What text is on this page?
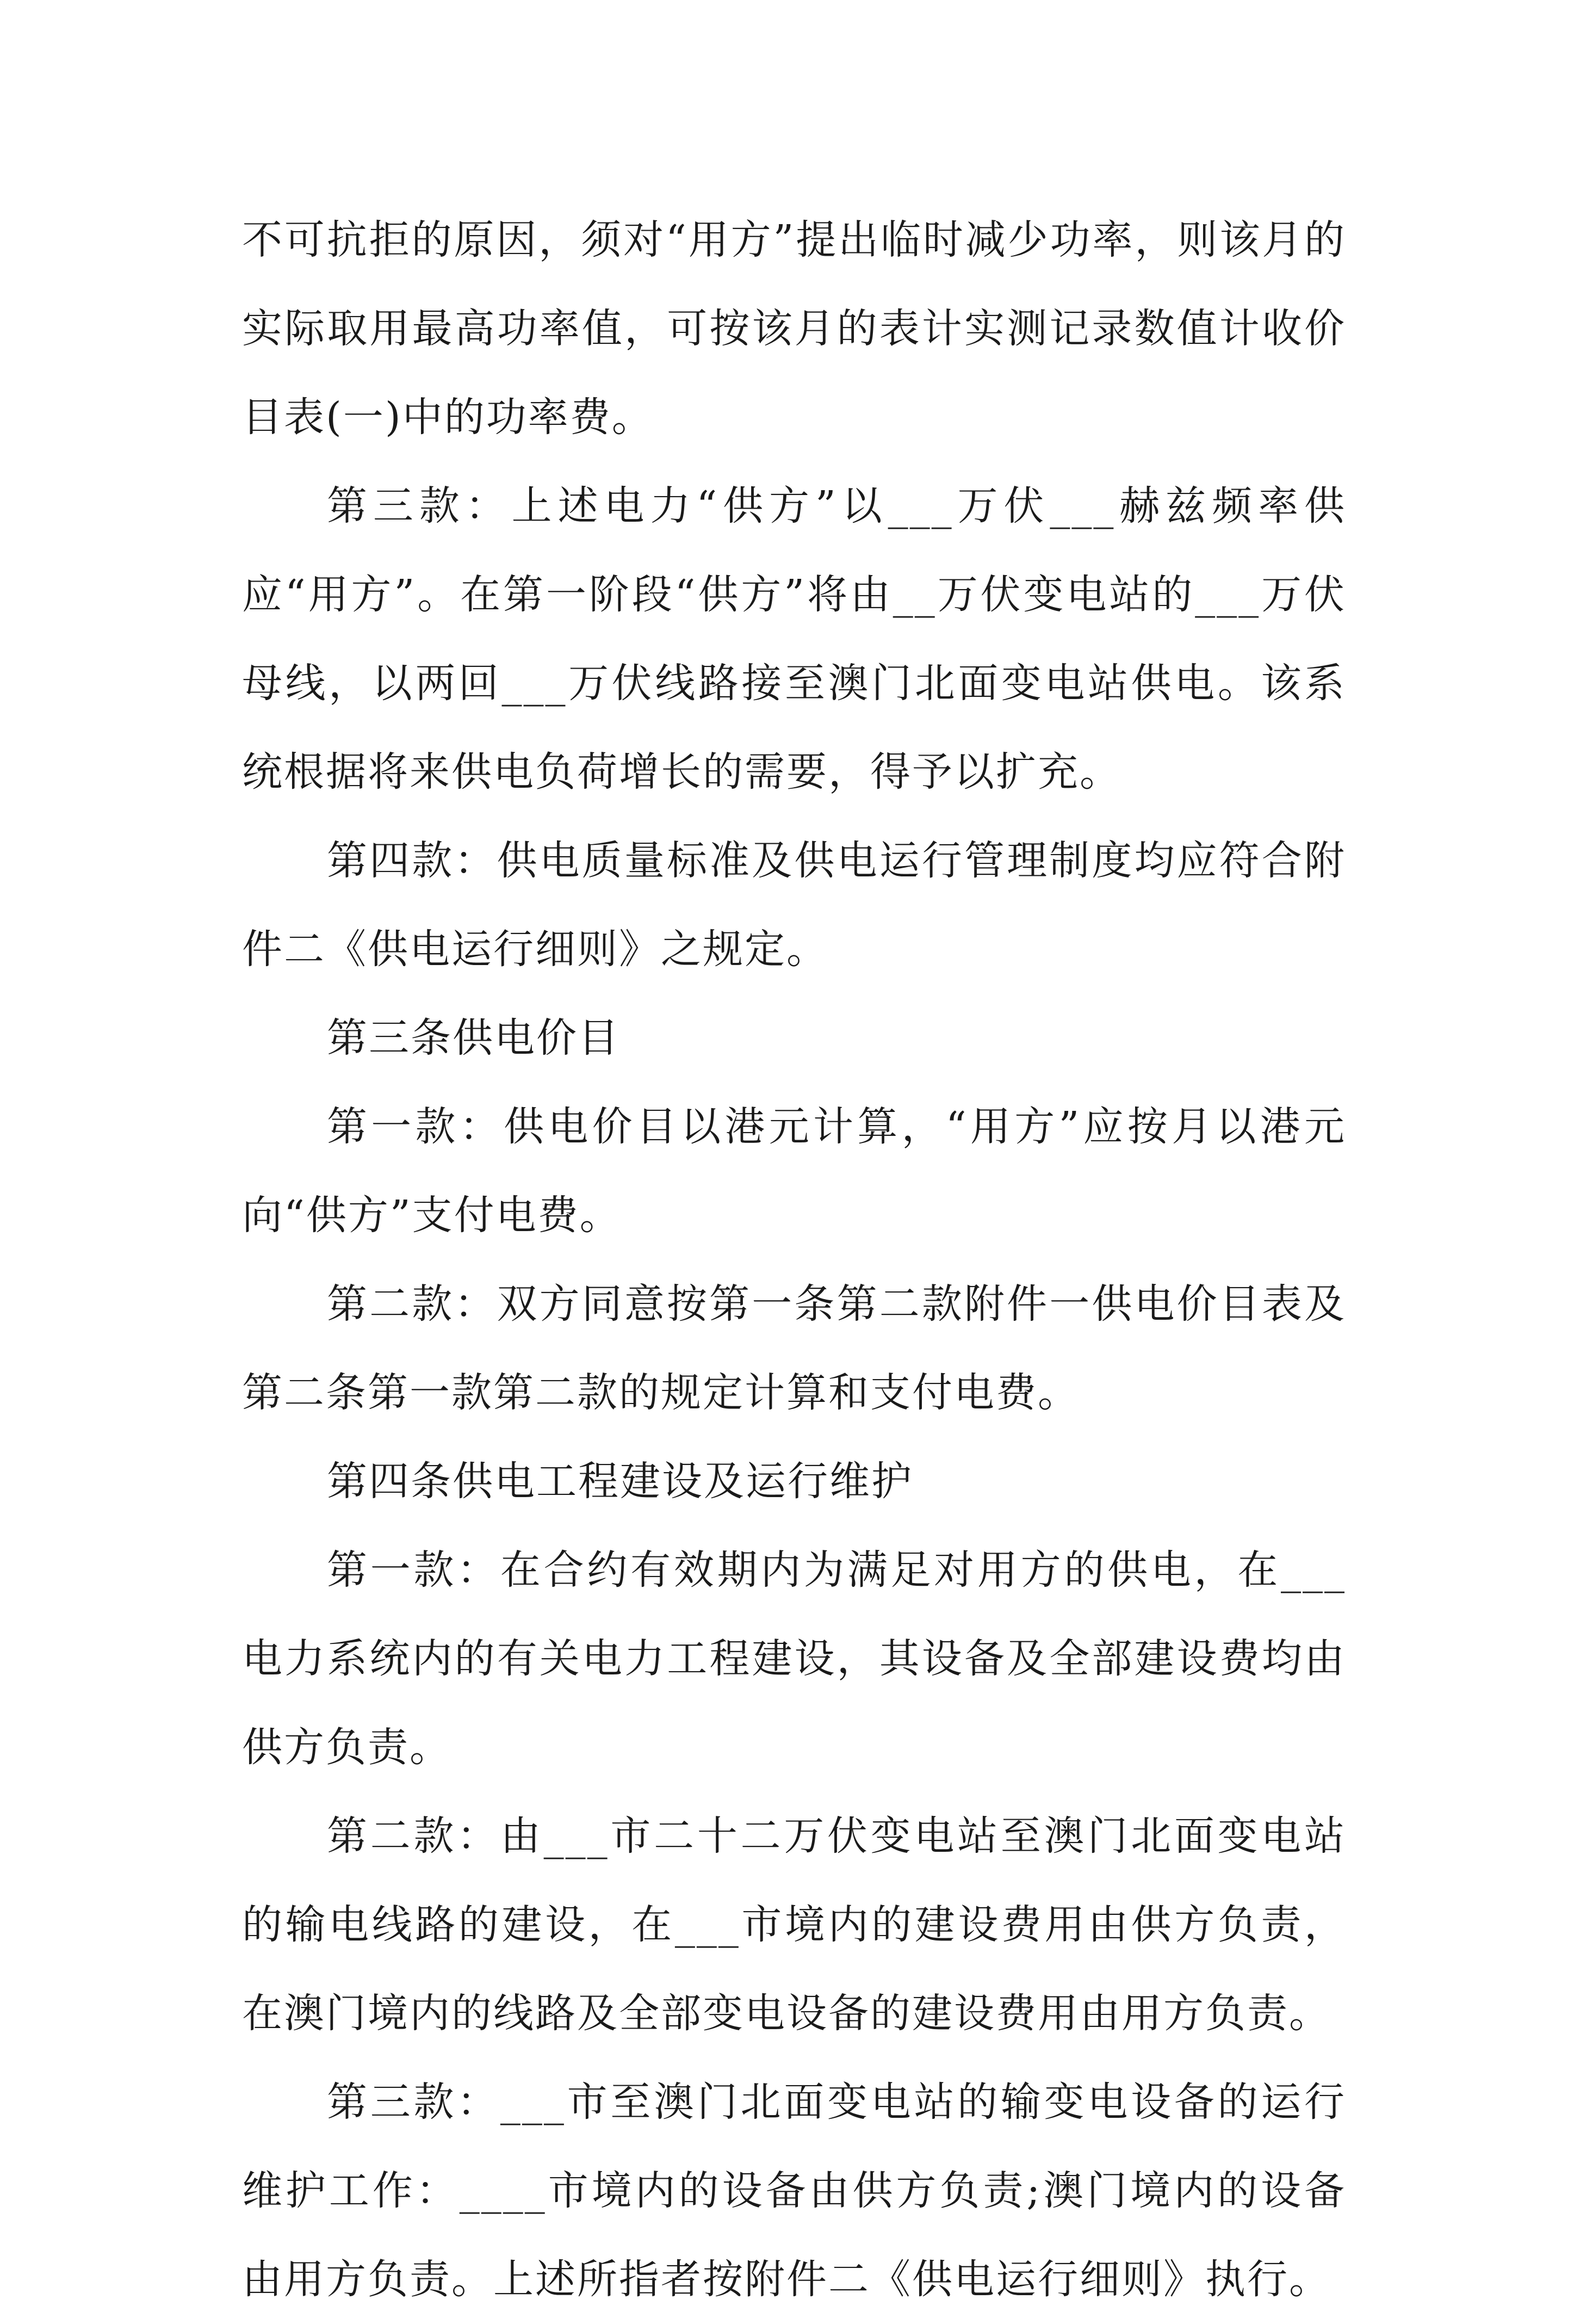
不可抗拒的原因，须对“用方”提出临时减少功率，则该月的实际取用最高功率值，可按该月的表计实测记录数值计收价目表(一)中的功率费。

第三款：上述电力“供方”以___万伏___赫兹频率供应“用方”。在第一阶段“供方”将由__万伏变电站的___万伏母线，以两回___万伏线路接至澳门北面变电站供电。该系统根据将来供电负荷增长的需要，得予以扩充。

第四款：供电质量标准及供电运行管理制度均应符合附件二《供电运行细则》之规定。

第三条供电价目

第一款：供电价目以港元计算，“用方”应按月以港元向“供方”支付电费。

第二款：双方同意按第一条第二款附件一供电价目表及第二条第一款第二款的规定计算和支付电费。

第四条供电工程建设及运行维护

第一款：在合约有效期内为满足对用方的供电，在___电力系统内的有关电力工程建设，其设备及全部建设费均由供方负责。

第二款：由___市二十二万伏变电站至澳门北面变电站的输电线路的建设，在___市境内的建设费用由供方负责，在澳门境内的线路及全部变电设备的建设费用由用方负责。

第三款：___市至澳门北面变电站的输变电设备的运行维护工作：____市境内的设备由供方负责;澳门境内的设备由用方负责。上述所指者按附件二《供电运行细则》执行。
